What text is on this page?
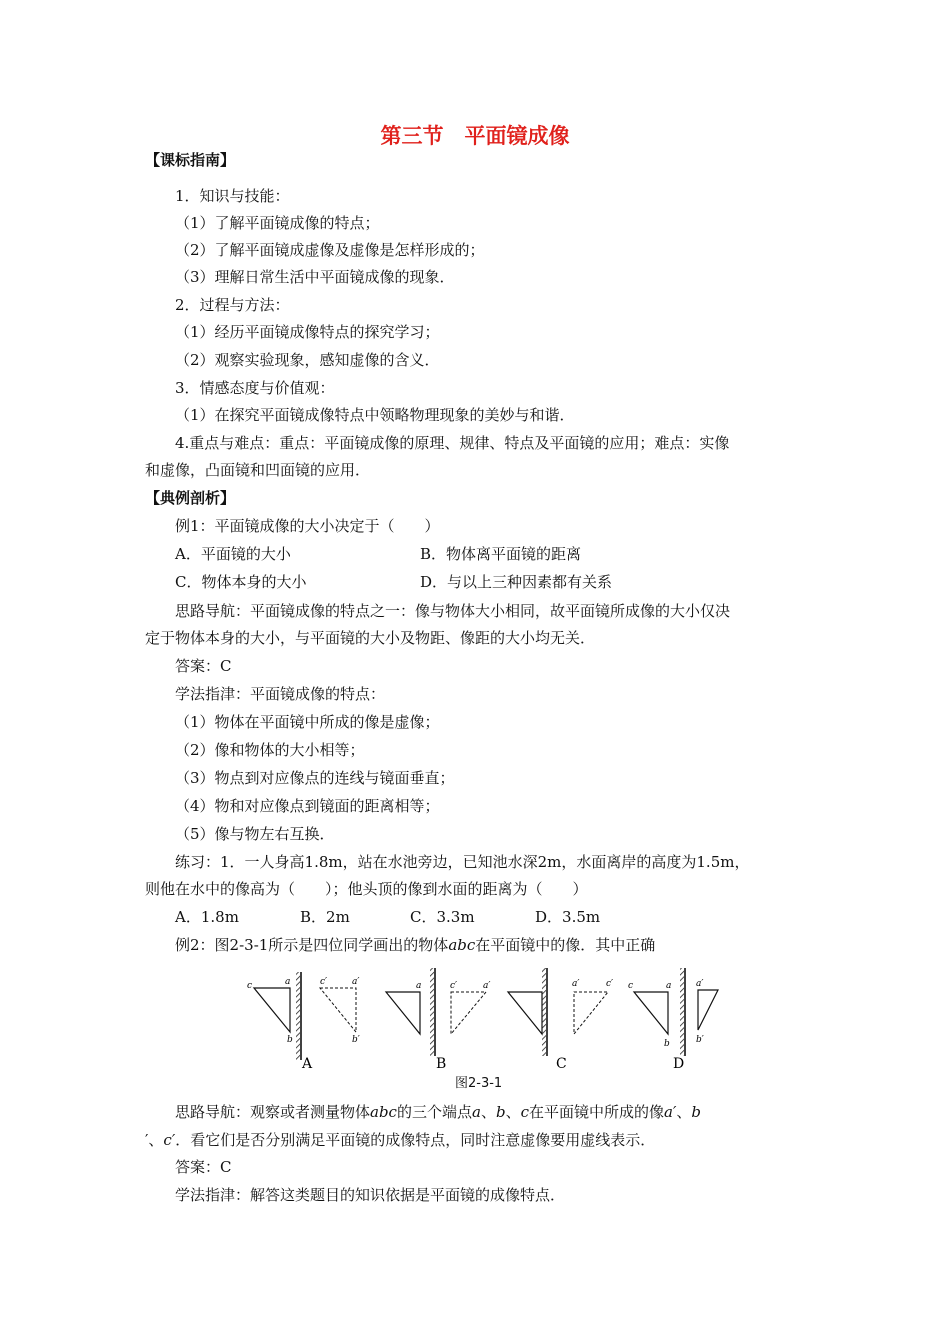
第三节　平面镜成像
【课标指南】
1．知识与技能：
（1）了解平面镜成像的特点；
（2）了解平面镜成虚像及虚像是怎样形成的；
（3）理解日常生活中平面镜成像的现象．
2．过程与方法：
（1）经历平面镜成像特点的探究学习；
（2）观察实验现象，感知虚像的含义．
3．情感态度与价值观：
（1）在探究平面镜成像特点中领略物理现象的美妙与和谐．
4.重点与难点：重点：平面镜成像的原理、规律、特点及平面镜的应用；难点：实像
和虚像，凸面镜和凹面镜的应用．
【典例剖析】
例1：平面镜成像的大小决定于（　　）
A．平面镜的大小	B．物体离平面镜的距离
C．物体本身的大小	D．与以上三种因素都有关系
思路导航：平面镜成像的特点之一：像与物体大小相同，故平面镜所成像的大小仅决
定于物体本身的大小，与平面镜的大小及物距、像距的大小均无关．
答案：C
学法指津：平面镜成像的特点：
（1）物体在平面镜中所成的像是虚像；
（2）像和物体的大小相等；
（3）物点到对应像点的连线与镜面垂直；
（4）物和对应像点到镜面的距离相等；
（5）像与物左右互换．
练习：1．一人身高1.8m，站在水池旁边，已知池水深2m，水面离岸的高度为1.5m，
则他在水中的像高为（　　）；他头顶的像到水面的距离为（　　）
A．1.8m	B．2m	C．3.3m	D．3.5m
例2：图2-3-1所示是四位同学画出的物体abc在平面镜中的像．其中正确
c	a
b
c′	a′
b′
A
a	c′	a′
B
a′	c′
C
c	a
b
a′
b′
D
图2-3-1
思路导航：观察或者测量物体abc的三个端点a、b、c在平面镜中所成的像a′、b
′、c′．看它们是否分别满足平面镜的成像特点，同时注意虚像要用虚线表示．
答案：C
学法指津：解答这类题目的知识依据是平面镜的成像特点．
